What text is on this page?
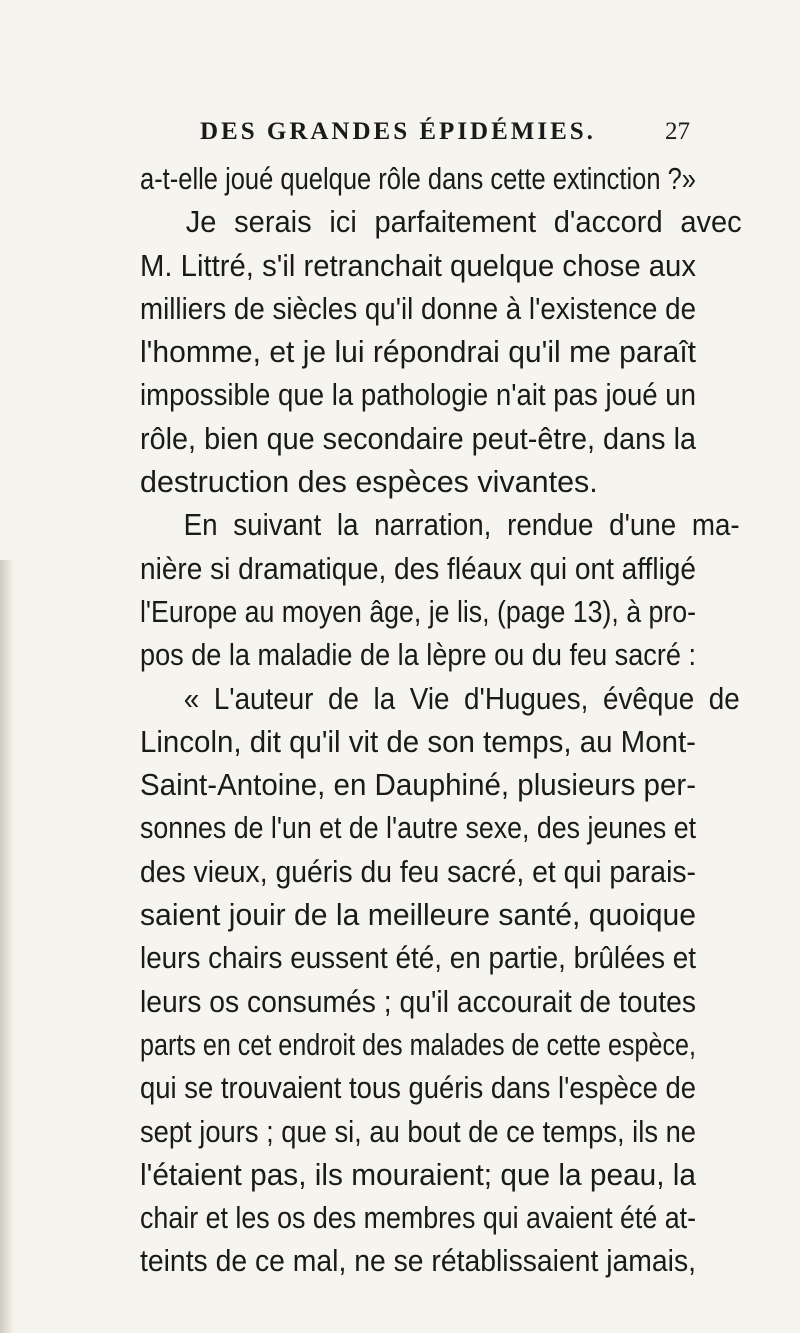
DES GRANDES ÉPIDÉMIES.	27
a-t-elle joué quelque rôle dans cette extinction ?»
Je serais ici parfaitement d'accord avec
M. Littré, s'il retranchait quelque chose aux
milliers de siècles qu'il donne à l'existence de
l'homme, et je lui répondrai qu'il me paraît
impossible que la pathologie n'ait pas joué un
rôle, bien que secondaire peut-être, dans la
destruction des espèces vivantes.
En suivant la narration, rendue d'une ma-
nière si dramatique, des fléaux qui ont affligé
l'Europe au moyen âge, je lis, (page 13), à pro-
pos de la maladie de la lèpre ou du feu sacré :
« L'auteur de la Vie d'Hugues, évêque de
Lincoln, dit qu'il vit de son temps, au Mont-
Saint-Antoine, en Dauphiné, plusieurs per-
sonnes de l'un et de l'autre sexe, des jeunes et
des vieux, guéris du feu sacré, et qui parais-
saient jouir de la meilleure santé, quoique
leurs chairs eussent été, en partie, brûlées et
leurs os consumés ; qu'il accourait de toutes
parts en cet endroit des malades de cette espèce,
qui se trouvaient tous guéris dans l'espèce de
sept jours ; que si, au bout de ce temps, ils ne
l'étaient pas, ils mouraient; que la peau, la
chair et les os des membres qui avaient été at-
teints de ce mal, ne se rétablissaient jamais,
